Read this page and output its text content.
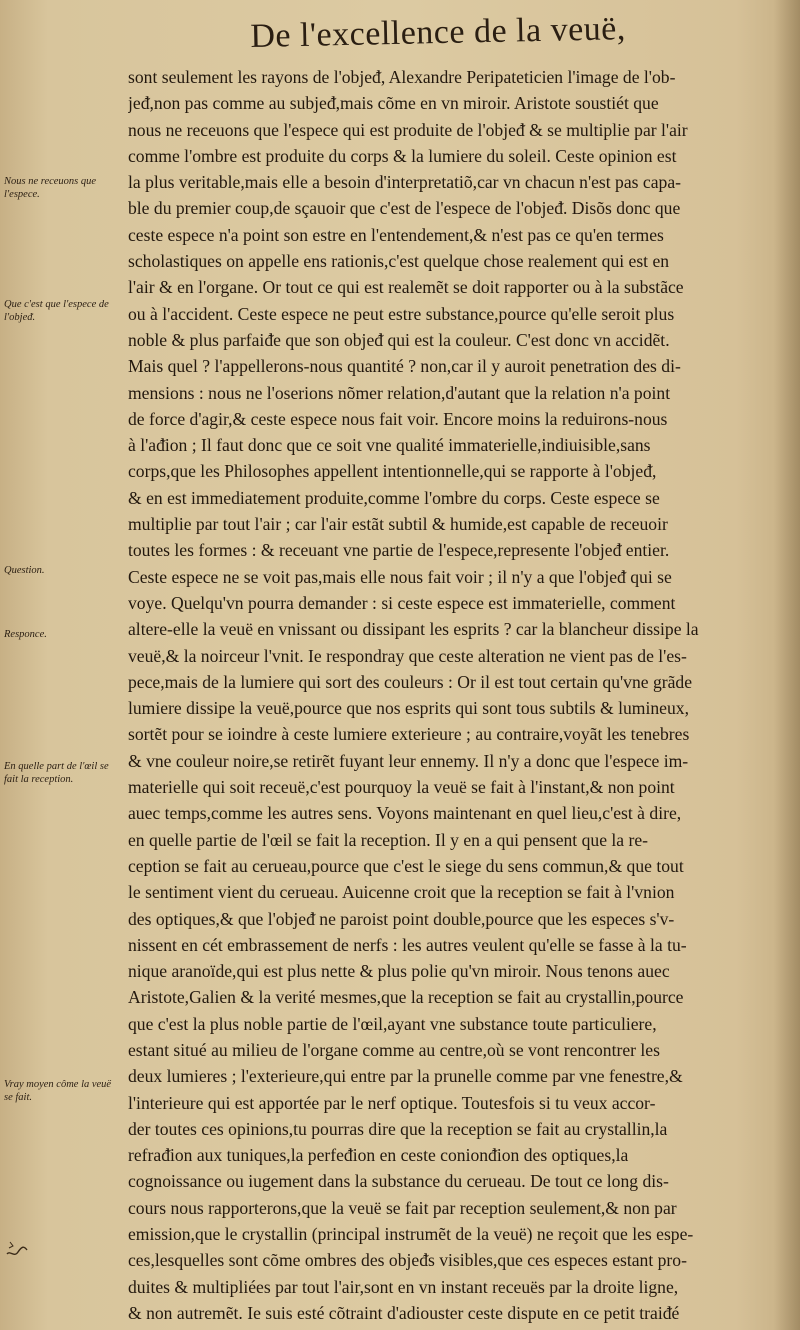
De l'excellence de la veuë,
Nous ne receuons que l'espece.
Que c'est que l'espece de l'objeᵭ.
Question.
Responce.
En quelle part de l'œil se fait la reception.
Vray moyen côme la veuë se fait.
sont seulement les rayons de l'objeᵭ, Alexandre Peripateticien l'image de l'ob-
jeᵭ,non pas comme au subjeᵭ,mais cõme en vn miroir. Aristote soustiét que
nous ne receuons que l'espece qui est produite de l'objeᵭ & se multiplie par l'air
comme l'ombre est produite du corps & la lumiere du soleil. Ceste opinion est
la plus veritable,mais elle a besoin d'interpretatiõ,car vn chacun n'est pas capa-
ble du premier coup,de sçauoir que c'est de l'espece de l'objeᵭ. Disõs donc que
ceste espece n'a point son estre en l'entendement,& n'est pas ce qu'en termes
scholastiques on appelle ens rationis,c'est quelque chose realement qui est en
l'air & en l'organe. Or tout ce qui est realemẽt se doit rapporter ou à la substãce
ou à l'accident. Ceste espece ne peut estre substance,pource qu'elle seroit plus
noble & plus parfaiᵭe que son objeᵭ qui est la couleur. C'est donc vn accidẽt.
Mais quel ? l'appellerons-nous quantité ? non,car il y auroit penetration des di-
mensions : nous ne l'oserions nõmer relation,d'autant que la relation n'a point
de force d'agir,& ceste espece nous fait voir. Encore moins la reduirons-nous
à l'aᵭion ; Il faut donc que ce soit vne qualité immaterielle,indiuisible,sans
corps,que les Philosophes appellent intentionnelle,qui se rapporte à l'objeᵭ,
& en est immediatement produite,comme l'ombre du corps. Ceste espece se
multiplie par tout l'air ; car l'air estãt subtil & humide,est capable de receuoir
toutes les formes : & receuant vne partie de l'espece,represente l'objeᵭ entier.
Ceste espece ne se voit pas,mais elle nous fait voir ; il n'y a que l'objeᵭ qui se
voye. Quelqu'vn pourra demander : si ceste espece est immaterielle, comment
altere-elle la veuë en vnissant ou dissipant les esprits ? car la blancheur dissipe la
veuë,& la noirceur l'vnit. Ie respondray que ceste alteration ne vient pas de l'es-
pece,mais de la lumiere qui sort des couleurs : Or il est tout certain qu'vne grãde
lumiere dissipe la veuë,pource que nos esprits qui sont tous subtils & lumineux,
sortẽt pour se ioindre à ceste lumiere exterieure ; au contraire,voyãt les tenebres
& vne couleur noire,se retirẽt fuyant leur ennemy. Il n'y a donc que l'espece im-
materielle qui soit receuë,c'est pourquoy la veuë se fait à l'instant,& non point
auec temps,comme les autres sens. Voyons maintenant en quel lieu,c'est à dire,
en quelle partie de l'œil se fait la reception. Il y en a qui pensent que la re-
ception se fait au cerueau,pource que c'est le siege du sens commun,& que tout
le sentiment vient du cerueau. Auicenne croit que la reception se fait à l'vnion
des optiques,& que l'objeᵭ ne paroist point double,pource que les especes s'v-
nissent en cét embrassement de nerfs : les autres veulent qu'elle se fasse à la tu-
nique aranoïde,qui est plus nette & plus polie qu'vn miroir. Nous tenons auec
Aristote,Galien & la verité mesmes,que la reception se fait au crystallin,pource
que c'est la plus noble partie de l'œil,ayant vne substance toute particuliere,
estant situé au milieu de l'organe comme au centre,où se vont rencontrer les
deux lumieres ; l'exterieure,qui entre par la prunelle comme par vne fenestre,&
l'interieure qui est apportée par le nerf optique. Toutesfois si tu veux accor-
der toutes ces opinions,tu pourras dire que la reception se fait au crystallin,la
refraᵭion aux tuniques,la perfeᵭion en ceste conionᵭion des optiques,la
cognoissance ou iugement dans la substance du cerueau. De tout ce long dis-
cours nous rapporterons,que la veuë se fait par reception seulement,& non par
emission,que le crystallin (principal instrumẽt de la veuë) ne reçoit que les espe-
ces,lesquelles sont cõme ombres des objeᵭs visibles,que ces especes estant pro-
duites & multipliées par tout l'air,sont en vn instant receuës par la droite ligne,
& non autremẽt. Ie suis esté cõtraint d'adiouster ceste dispute en ce petit traiᵭé
